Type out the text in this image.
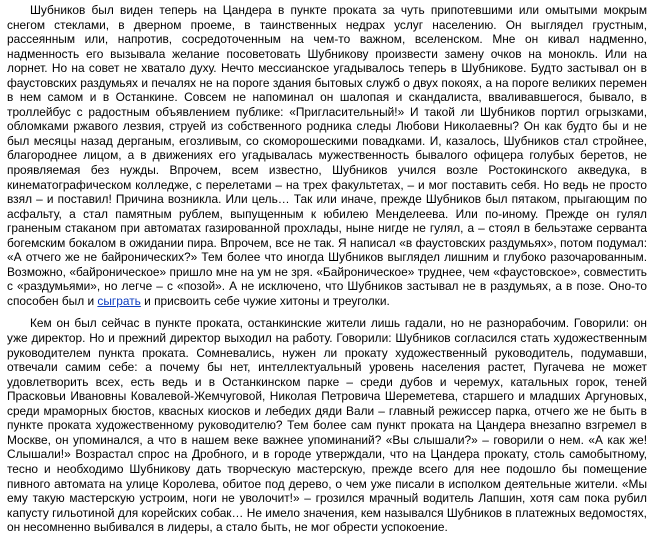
Шубников был виден теперь на Цандера в пункте проката за чуть припотевшими или омытыми мокрым снегом стеклами, в дверном проеме, в таинственных недрах услуг населению. Он выглядел грустным, рассеянным или, напротив, сосредоточенным на чем-то важном, вселенском. Мне он кивал надменно, надменность его вызывала желание посоветовать Шубникову произвести замену очков на монокль. Или на лорнет. Но на совет не хватало духу. Нечто мессианское угадывалось теперь в Шубникове. Будто застывал он в фаустовских раздумьях и печалях не на пороге здания бытовых служб о двух покоях, а на пороге великих перемен в нем самом и в Останкине. Совсем не напоминал он шалопая и скандалиста, вваливавшегося, бывало, в троллейбус с радостным объявлением публике: «Пригласительный!» И такой ли Шубников портил огрызками, обломками ржавого лезвия, струей из собственного родника следы Любови Николаевны? Он как будто бы и не был месяцы назад дерганым, егозливым, со скоморошескими повадками. И, казалось, Шубников стал стройнее, благороднее лицом, а в движениях его угадывалась мужественность бывалого офицера голубых беретов, не проявляемая без нужды. Впрочем, всем известно, Шубников учился возле Ростокинского акведука, в кинематографическом колледже, с перелетами – на трех факультетах, – и мог поставить себя. Но ведь не просто взял – и поставил! Причина возникла. Или цель… Так или иначе, прежде Шубников был пятаком, прыгающим по асфальту, а стал памятным рублем, выпущенным к юбилею Менделеева. Или по-иному. Прежде он гулял граненым стаканом при автоматах газированной прохлады, ныне нигде не гулял, а – стоял в бельэтаже серванта богемским бокалом в ожидании пира. Впрочем, все не так. Я написал «в фаустовских раздумьях», потом подумал: «А отчего же не байронических?» Тем более что иногда Шубников выглядел лишним и глубоко разочарованным. Возможно, «байроническое» пришло мне на ум не зря. «Байроническое» труднее, чем «фаустовское», совместить с «раздумьями», но легче – с «позой». А не исключено, что Шубников застывал не в раздумьях, а в позе. Оно-то способен был и сыграть и присвоить себе чужие хитоны и треуголки.

Кем он был сейчас в пункте проката, останкинские жители лишь гадали, но не разнорабочим. Говорили: он уже директор. Но и прежний директор выходил на работу. Говорили: Шубников согласился стать художественным руководителем пункта проката. Сомневались, нужен ли прокату художественный руководитель, подумавши, отвечали самим себе: а почему бы нет, интеллектуальный уровень населения растет, Пугачева не может удовлетворить всех, есть ведь и в Останкинском парке – среди дубов и черемух, катальных горок, теней Прасковьи Ивановны Ковалевой-Жемчуговой, Николая Петровича Шереметева, старшего и младших Аргуновых, среди мраморных бюстов, квасных киосков и лебедих дяди Вали – главный режиссер парка, отчего же не быть в пункте проката художественному руководителю? Тем более сам пункт проката на Цандера внезапно взгремел в Москве, он упоминался, а что в нашем веке важнее упоминаний? «Вы слышали?» – говорили о нем. «А как же! Слышали!» Возрастал спрос на Дробного, и в городе утверждали, что на Цандера прокату, столь самобытному, тесно и необходимо Шубникову дать творческую мастерскую, прежде всего для нее подошло бы помещение пивного автомата на улице Королева, обитое под дерево, о чем уже писали в исполком деятельные жители. «Мы ему такую мастерскую устроим, ноги не уволочит!» – грозился мрачный водитель Лапшин, хотя сам пока рубил капусту гильотиной для корейских собак… Не имело значения, кем назывался Шубников в платежных ведомостях, он несомненно выбивался в лидеры, а стало быть, не мог обрести успокоение.
